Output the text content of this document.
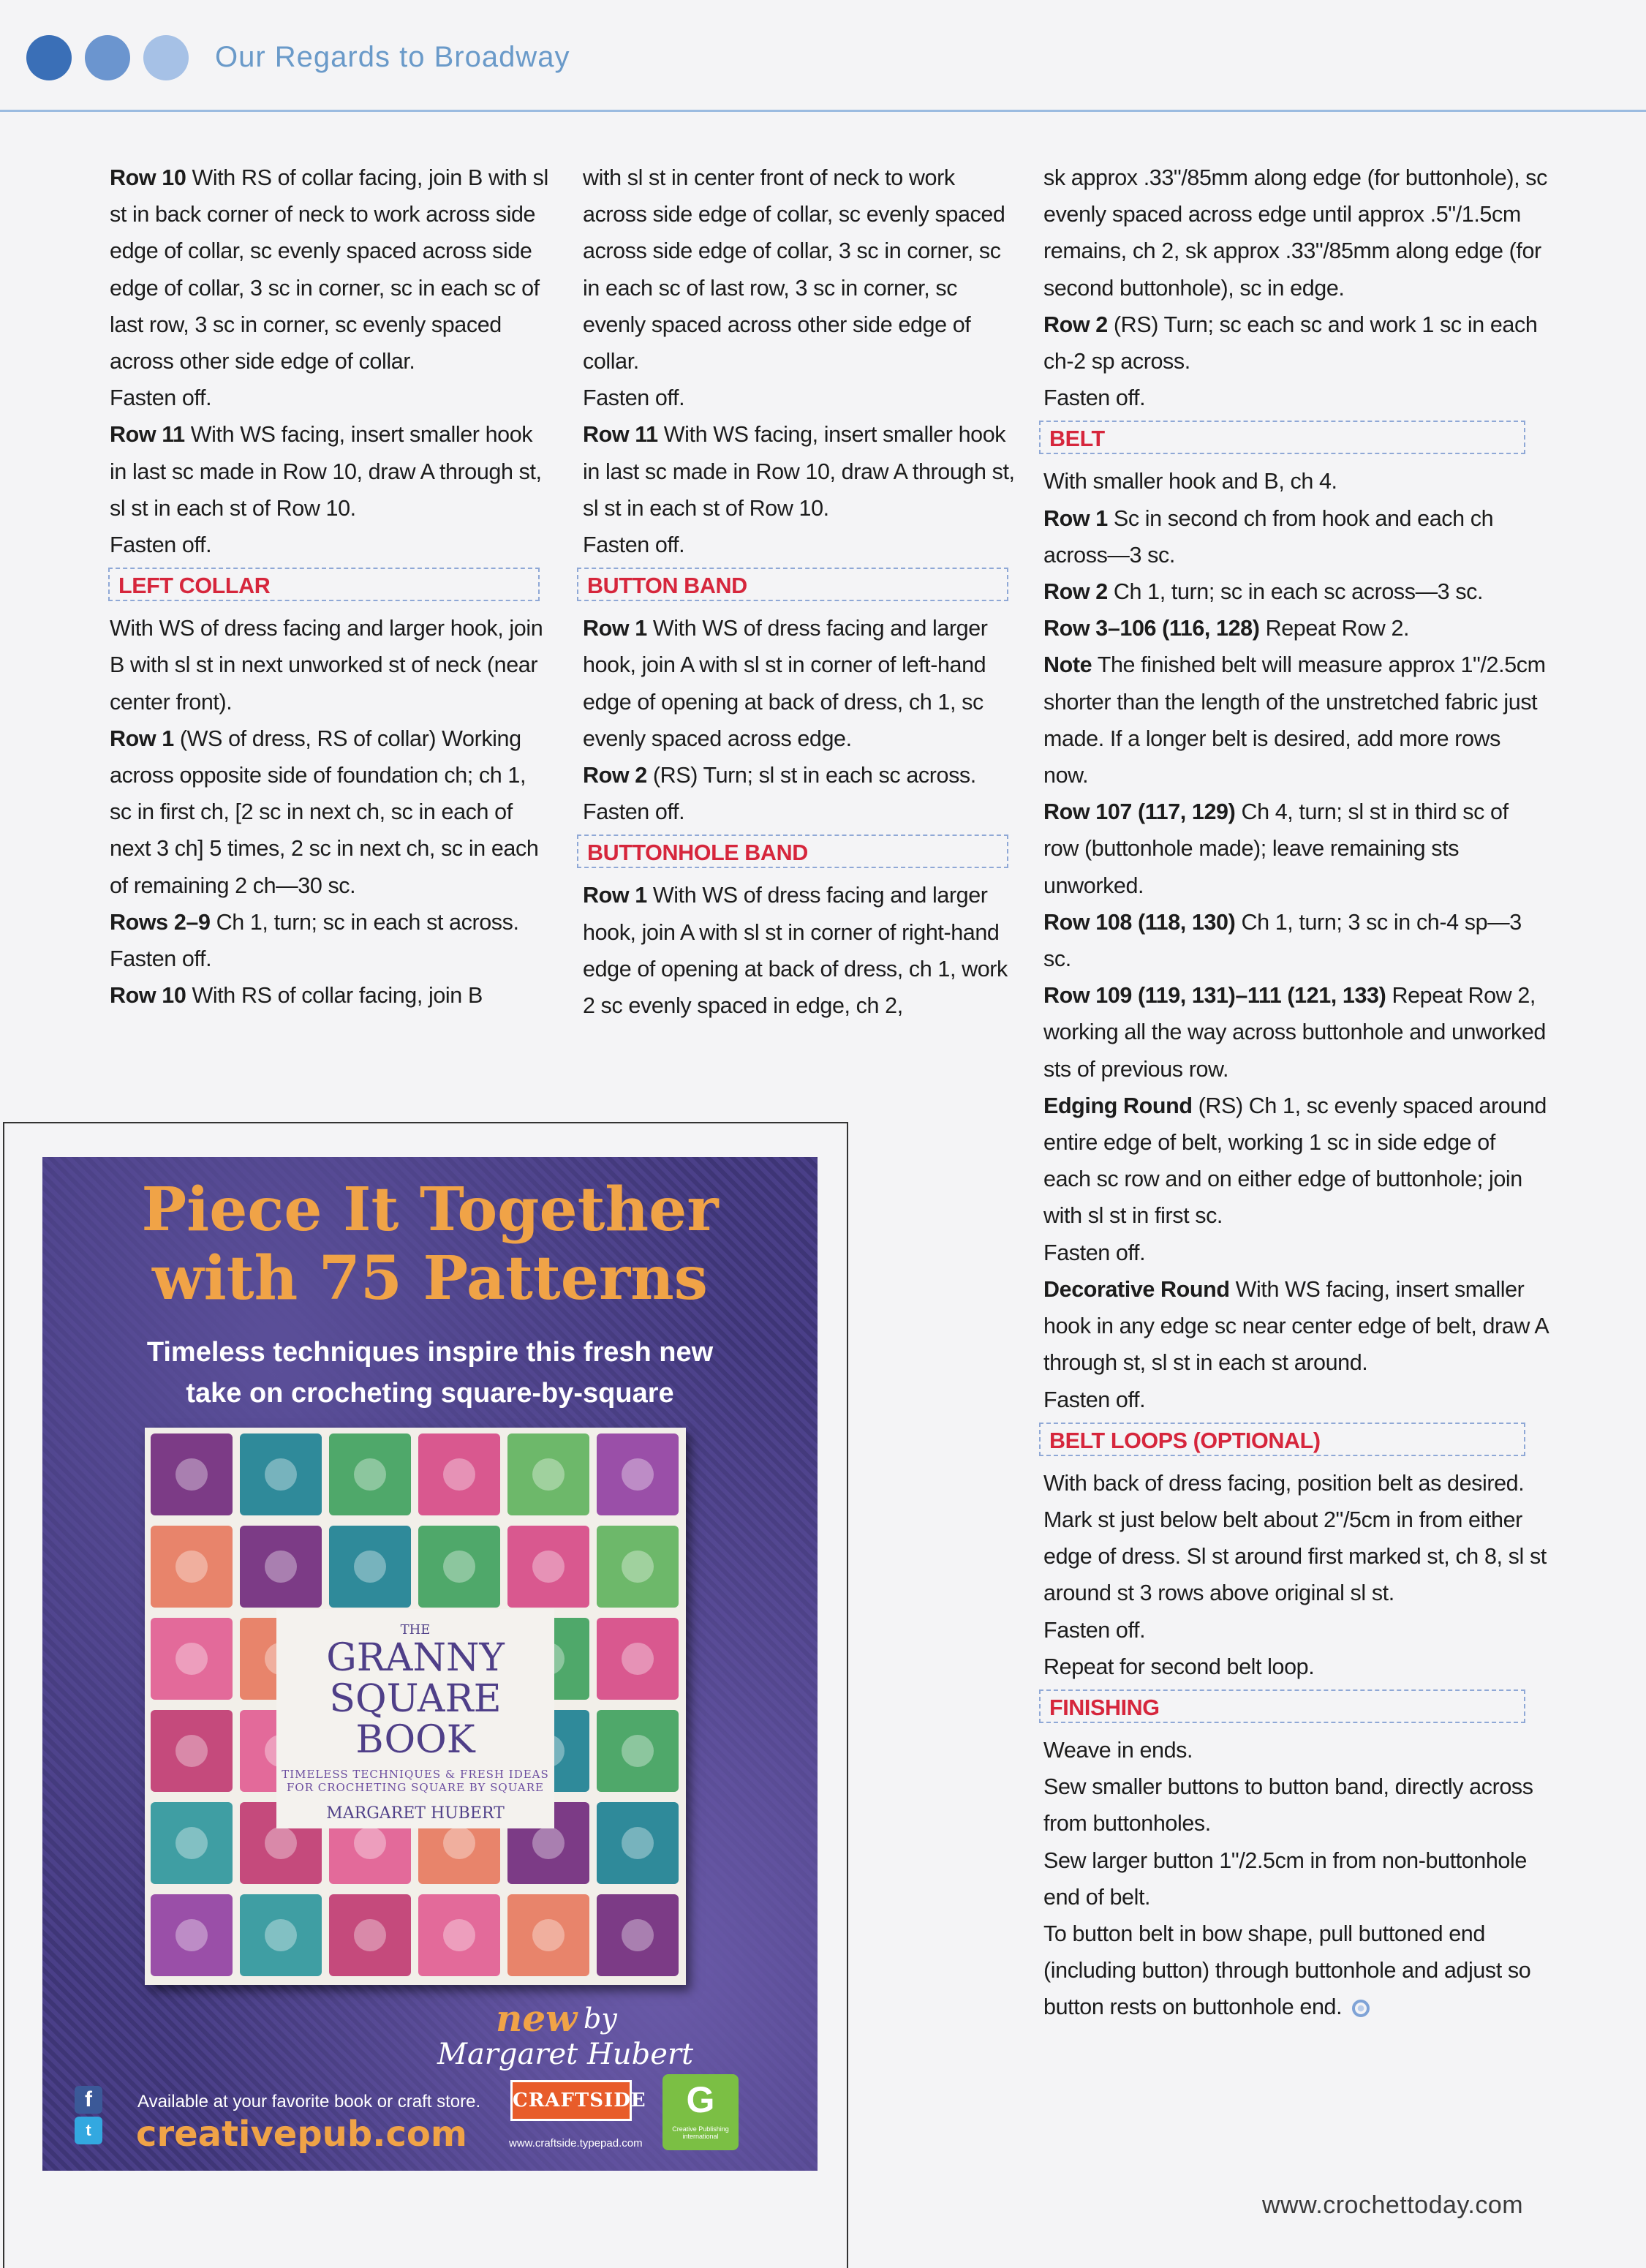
Our Regards to Broadway

Row 10 With RS of collar facing, join B with sl st in back corner of neck to work across side edge of collar, sc evenly spaced across side edge of collar, 3 sc in corner, sc in each sc of last row, 3 sc in corner, sc evenly spaced across other side edge of collar.

Fasten off.

Row 11 With WS facing, insert smaller hook in last sc made in Row 10, draw A through st, sl st in each st of Row 10.

Fasten off.

LEFT COLLAR

With WS of dress facing and larger hook, join B with sl st in next unworked st of neck (near center front).

Row 1 (WS of dress, RS of collar) Working across opposite side of foundation ch; ch 1, sc in first ch, [2 sc in next ch, sc in each of next 3 ch] 5 times, 2 sc in next ch, sc in each of remaining 2 ch—30 sc.

Rows 2–9 Ch 1, turn; sc in each st across.

Fasten off.

Row 10 With RS of collar facing, join B

with sl st in center front of neck to work across side edge of collar, sc evenly spaced across side edge of collar, 3 sc in corner, sc in each sc of last row, 3 sc in corner, sc evenly spaced across other side edge of collar.

Fasten off.

Row 11 With WS facing, insert smaller hook in last sc made in Row 10, draw A through st, sl st in each st of Row 10.

Fasten off.

BUTTON BAND

Row 1 With WS of dress facing and larger hook, join A with sl st in corner of left-hand edge of opening at back of dress, ch 1, sc evenly spaced across edge.

Row 2 (RS) Turn; sl st in each sc across.

Fasten off.

BUTTONHOLE BAND

Row 1 With WS of dress facing and larger hook, join A with sl st in corner of right-hand edge of opening at back of dress, ch 1, work 2 sc evenly spaced in edge, ch 2,

sk approx .33"/85mm along edge (for buttonhole), sc evenly spaced across edge until approx .5"/1.5cm remains, ch 2, sk approx .33"/85mm along edge (for second buttonhole), sc in edge.

Row 2 (RS) Turn; sc each sc and work 1 sc in each ch-2 sp across.

Fasten off.

BELT

With smaller hook and B, ch 4.

Row 1 Sc in second ch from hook and each ch across—3 sc.

Row 2 Ch 1, turn; sc in each sc across—3 sc.

Row 3–106 (116, 128) Repeat Row 2.

Note The finished belt will measure approx 1"/2.5cm shorter than the length of the unstretched fabric just made. If a longer belt is desired, add more rows now.

Row 107 (117, 129) Ch 4, turn; sl st in third sc of row (buttonhole made); leave remaining sts unworked.

Row 108 (118, 130) Ch 1, turn; 3 sc in ch-4 sp—3 sc.

Row 109 (119, 131)–111 (121, 133) Repeat Row 2, working all the way across buttonhole and unworked sts of previous row.

Edging Round (RS) Ch 1, sc evenly spaced around entire edge of belt, working 1 sc in side edge of each sc row and on either edge of buttonhole; join with sl st in first sc.

Fasten off.

Decorative Round With WS facing, insert smaller hook in any edge sc near center edge of belt, draw A through st, sl st in each st around.

Fasten off.

BELT LOOPS (OPTIONAL)

With back of dress facing, position belt as desired. Mark st just below belt about 2"/5cm in from either edge of dress. Sl st around first marked st, ch 8, sl st around st 3 rows above original sl st.

Fasten off.

Repeat for second belt loop.

FINISHING

Weave in ends.

Sew smaller buttons to button band, directly across from buttonholes.

Sew larger button 1"/2.5cm in from non-buttonhole end of belt.

To button belt in bow shape, pull buttoned end (including button) through buttonhole and adjust so button rests on buttonhole end.

Piece It Together
with 75 Patterns
Timeless techniques inspire this fresh new
take on crocheting square-by-square
THE
GRANNY
SQUARE
BOOK
TIMELESS TECHNIQUES & FRESH IDEAS FOR CROCHETING SQUARE BY SQUARE
MARGARET HUBERT
new by
Margaret Hubert
f
t
Available at your favorite book or craft store.
creativepub.com
CRAFTSIDE
www.craftside.typepad.com
G
Creative Publishing international
www.crochettoday.com
